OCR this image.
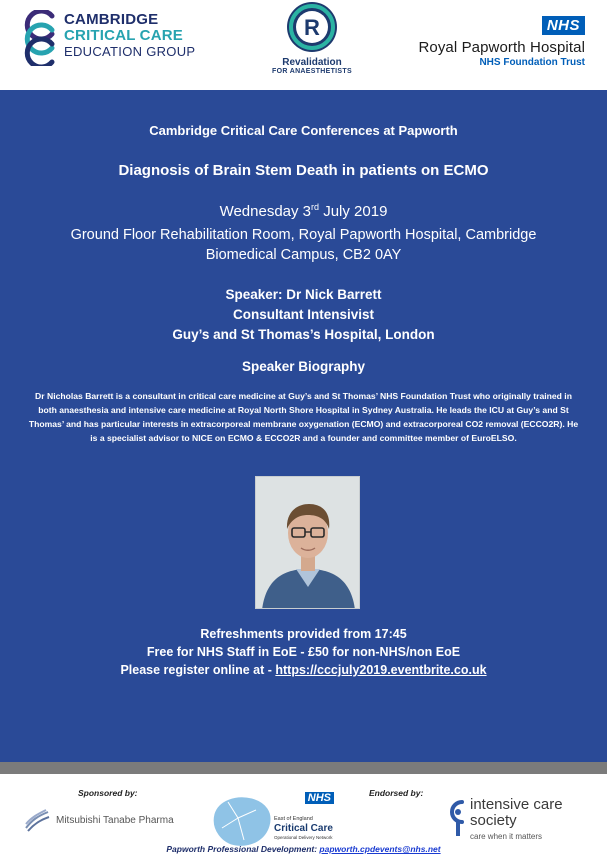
CAMBRIDGE
CRITICAL CARE
EDUCATION GROUP
R
Revalidation
FOR ANAESTHETISTS
NHS
Royal Papworth Hospital
NHS Foundation Trust
Cambridge Critical Care Conferences at Papworth
Diagnosis of Brain Stem Death in patients on ECMO
Wednesday 3rd July 2019
Ground Floor Rehabilitation Room, Royal Papworth Hospital, Cambridge
Biomedical Campus, CB2 0AY
Speaker: Dr Nick Barrett
Consultant Intensivist
Guy’s and St Thomas’s Hospital, London
Speaker Biography
Dr Nicholas Barrett is a consultant in critical care medicine at Guy’s and St Thomas’ NHS Foundation Trust who originally trained in both anaesthesia and intensive care medicine at Royal North Shore Hospital in Sydney Australia. He leads the ICU at Guy’s and St Thomas’ and has particular interests in extracorporeal membrane oxygenation (ECMO) and extracorporeal CO2 removal (ECCO2R). He is a specialist advisor to NICE on ECMO & ECCO2R and a founder and committee member of EuroELSO.
Refreshments provided from 17:45
Free for NHS Staff in EoE - £50 for non-NHS/non EoE
Please register online at - https://cccjuly2019.eventbrite.co.uk
Sponsored by:
Mitsubishi Tanabe Pharma
NHS
East of England
Critical Care
Operational Delivery Network
Endorsed by:
intensive care
society
care when it matters
Papworth Professional Development: papworth.cpdevents@nhs.net
